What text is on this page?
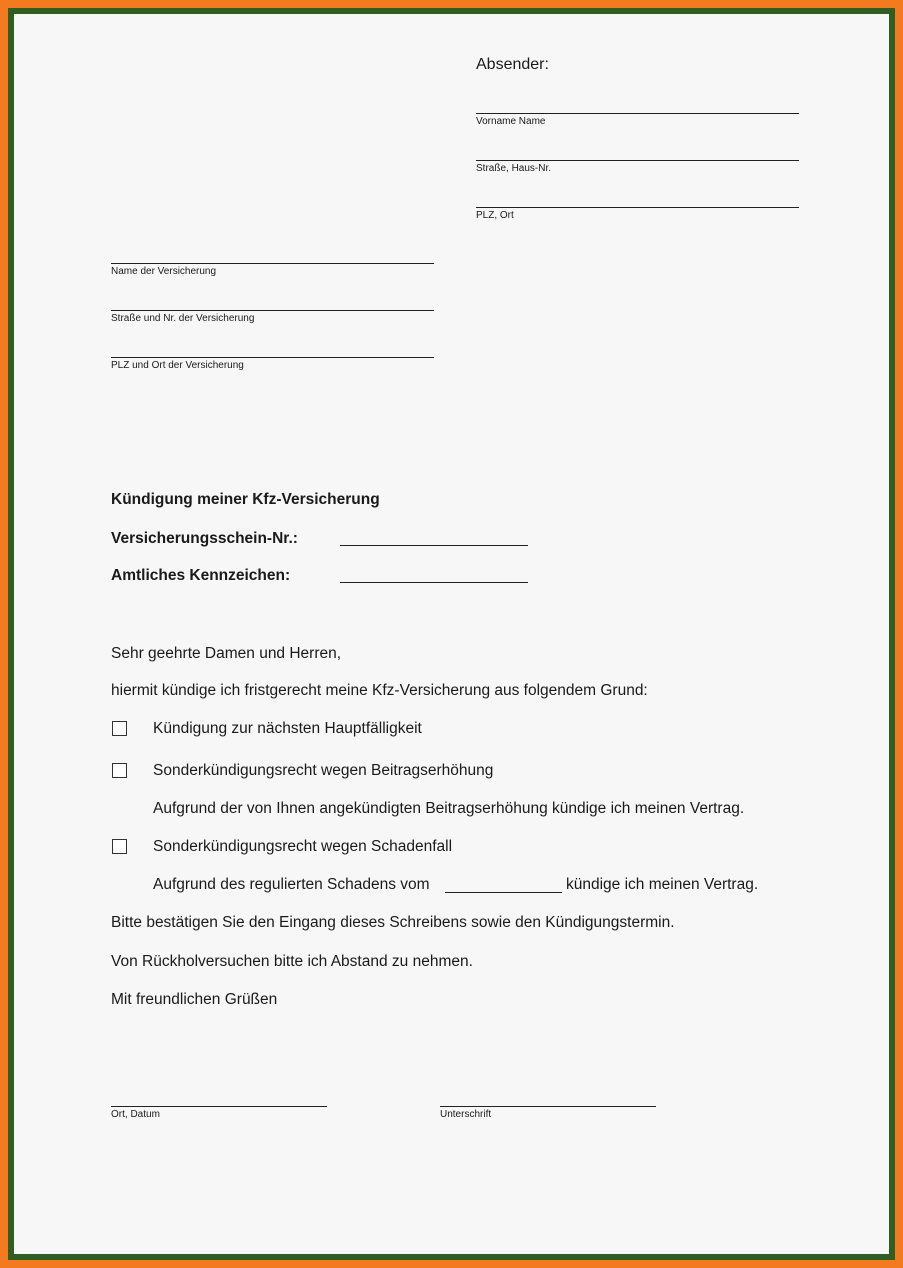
Absender:
Vorname Name
Straße, Haus-Nr.
PLZ, Ort
Name der Versicherung
Straße und Nr. der Versicherung
PLZ und Ort der Versicherung
Kündigung meiner Kfz-Versicherung
Versicherungsschein-Nr.:
Amtliches Kennzeichen:
Sehr geehrte Damen und Herren,
hiermit kündige ich fristgerecht meine Kfz-Versicherung aus folgendem Grund:
Kündigung zur nächsten Hauptfälligkeit
Sonderkündigungsrecht wegen Beitragserhöhung
Aufgrund der von Ihnen angekündigten Beitragserhöhung kündige ich meinen Vertrag.
Sonderkündigungsrecht wegen Schadenfall
Aufgrund des regulierten Schadens vom	kündige ich meinen Vertrag.
Bitte bestätigen Sie den Eingang dieses Schreibens sowie den Kündigungstermin.
Von Rückholversuchen bitte ich Abstand zu nehmen.
Mit freundlichen Grüßen
Ort, Datum	Unterschrift
